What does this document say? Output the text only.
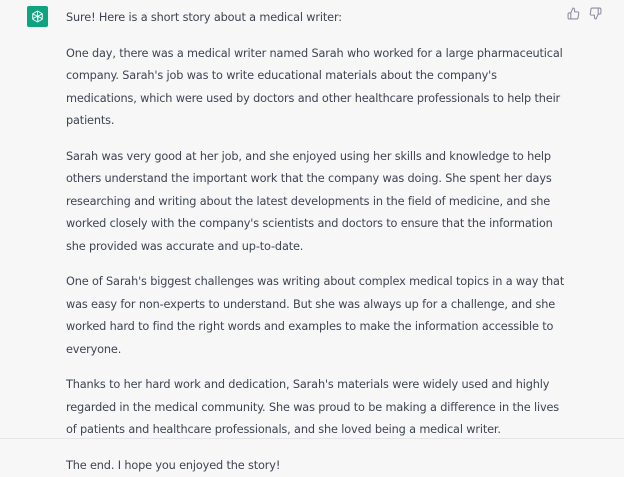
Sure! Here is a short story about a medical writer:

One day, there was a medical writer named Sarah who worked for a large pharmaceutical company. Sarah's job was to write educational materials about the company's medications, which were used by doctors and other healthcare professionals to help their patients.

Sarah was very good at her job, and she enjoyed using her skills and knowledge to help others understand the important work that the company was doing. She spent her days researching and writing about the latest developments in the field of medicine, and she worked closely with the company's scientists and doctors to ensure that the information she provided was accurate and up-to-date.

One of Sarah's biggest challenges was writing about complex medical topics in a way that was easy for non-experts to understand. But she was always up for a challenge, and she worked hard to find the right words and examples to make the information accessible to everyone.

Thanks to her hard work and dedication, Sarah's materials were widely used and highly regarded in the medical community. She was proud to be making a difference in the lives of patients and healthcare professionals, and she loved being a medical writer.

The end. I hope you enjoyed the story!
